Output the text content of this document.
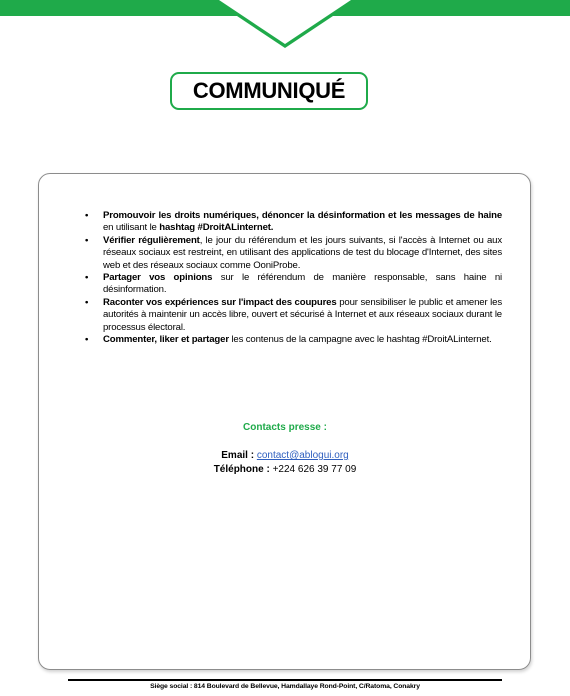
COMMUNIQUÉ
• Promouvoir les droits numériques, dénoncer la désinformation et les messages de haine en utilisant le hashtag #DroitALinternet.
• Vérifier régulièrement, le jour du référendum et les jours suivants, si l'accès à Internet ou aux réseaux sociaux est restreint, en utilisant des applications de test du blocage d'Internet, des sites web et des réseaux sociaux comme OoniProbe.
• Partager vos opinions sur le référendum de manière responsable, sans haine ni désinformation.
• Raconter vos expériences sur l'impact des coupures pour sensibiliser le public et amener les autorités à maintenir un accès libre, ouvert et sécurisé à Internet et aux réseaux sociaux durant le processus électoral.
• Commenter, liker et partager les contenus de la campagne avec le hashtag #DroitALinternet.
Contacts presse :
Email : contact@ablogui.org
Téléphone : +224 626 39 77 09
Siège social : 814 Boulevard de Bellevue, Hamdallaye Rond-Point, C/Ratoma, Conakry
